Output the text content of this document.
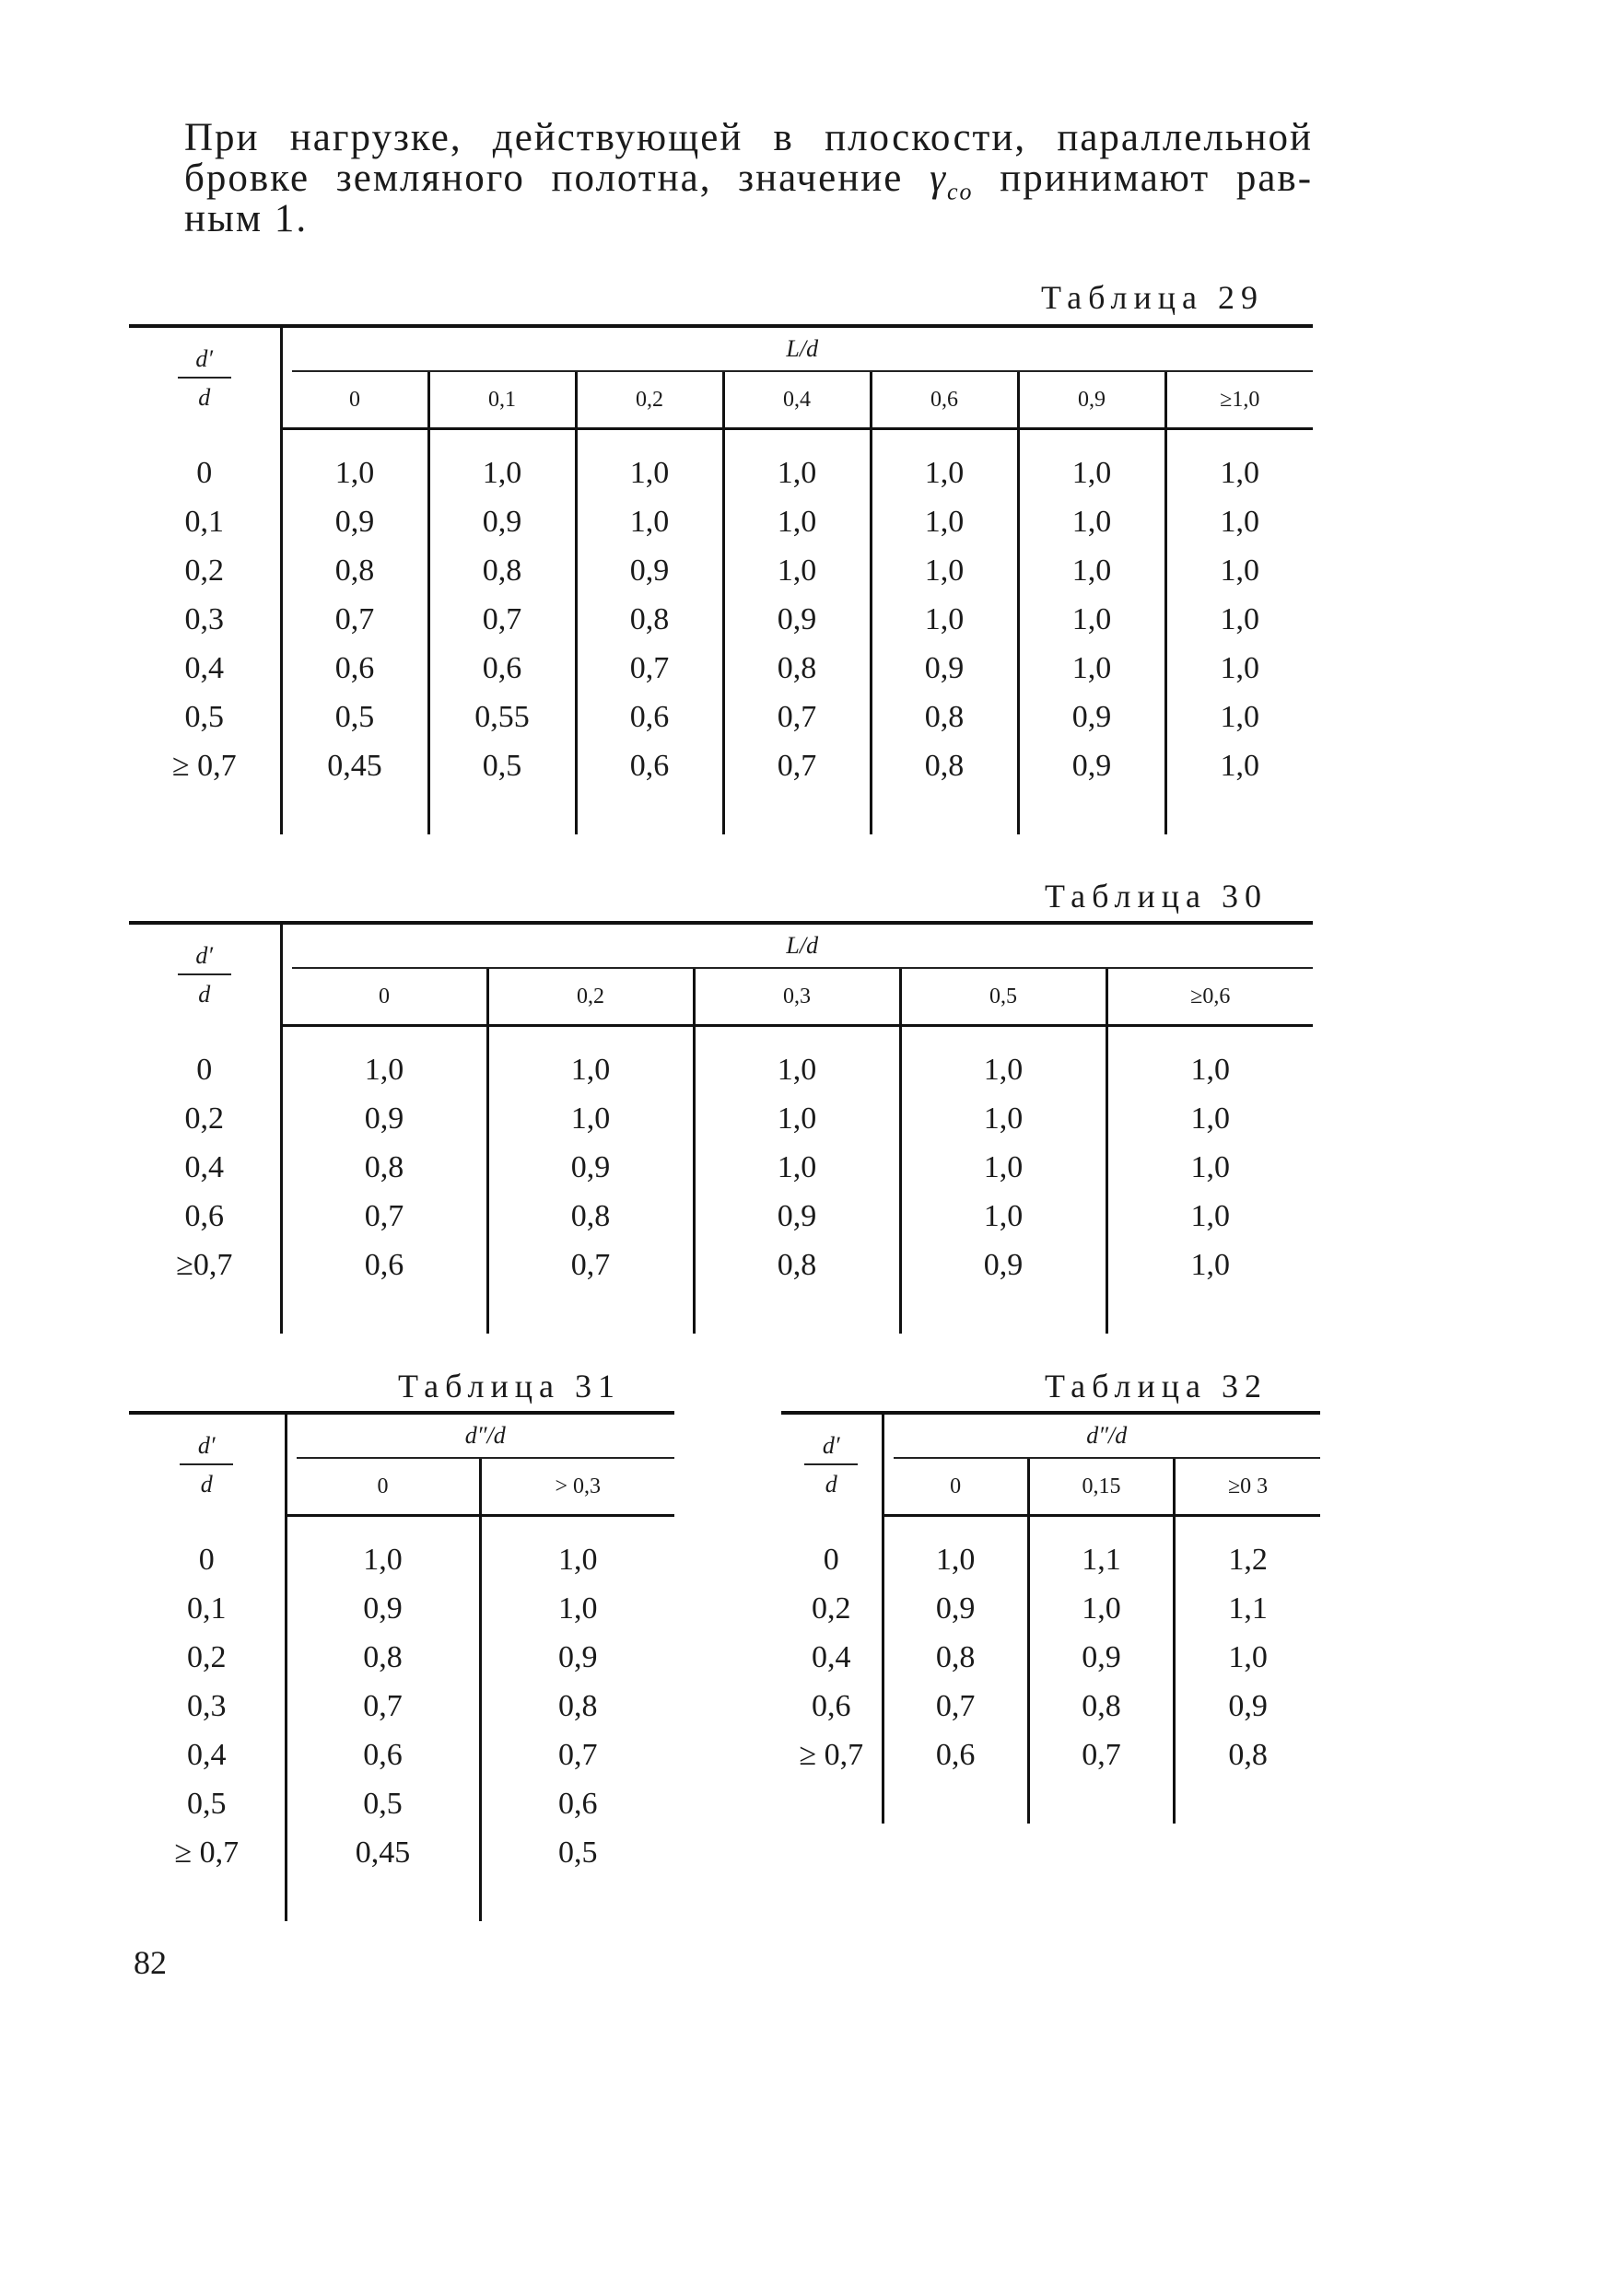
При нагрузке, действующей в плоскости, параллельной
бровке земляного полотна, значение $\gamma_{co}$ принимают рав-
ным 1.
Таблица 29

d′
d	L/d						

	0	0,1	0,2	0,4	0,6	0,9	≥1,0

0	1,0	1,0	1,0	1,0	1,0	1,0	1,0
0,1	0,9	0,9	1,0	1,0	1,0	1,0	1,0
0,2	0,8	0,8	0,9	1,0	1,0	1,0	1,0
0,3	0,7	0,7	0,8	0,9	1,0	1,0	1,0
0,4	0,6	0,6	0,7	0,8	0,9	1,0	1,0
0,5	0,5	0,55	0,6	0,7	0,8	0,9	1,0
≥ 0,7	0,45	0,5	0,6	0,7	0,8	0,9	1,0

Таблица 30

d′
d	L/d				

	0	0,2	0,3	0,5	≥0,6

0	1,0	1,0	1,0	1,0	1,0
0,2	0,9	1,0	1,0	1,0	1,0
0,4	0,8	0,9	1,0	1,0	1,0
0,6	0,7	0,8	0,9	1,0	1,0
≥0,7	0,6	0,7	0,8	0,9	1,0

Таблица 31

d′
d	d″/d	

	0	> 0,3

0	1,0	1,0
0,1	0,9	1,0
0,2	0,8	0,9
0,3	0,7	0,8
0,4	0,6	0,7
0,5	0,5	0,6
≥ 0,7	0,45	0,5

Таблица 32

d′
d	d″/d		

	0	0,15	≥0 3

0	1,0	1,1	1,2
0,2	0,9	1,0	1,1
0,4	0,8	0,9	1,0
0,6	0,7	0,8	0,9
≥ 0,7	0,6	0,7	0,8

82
